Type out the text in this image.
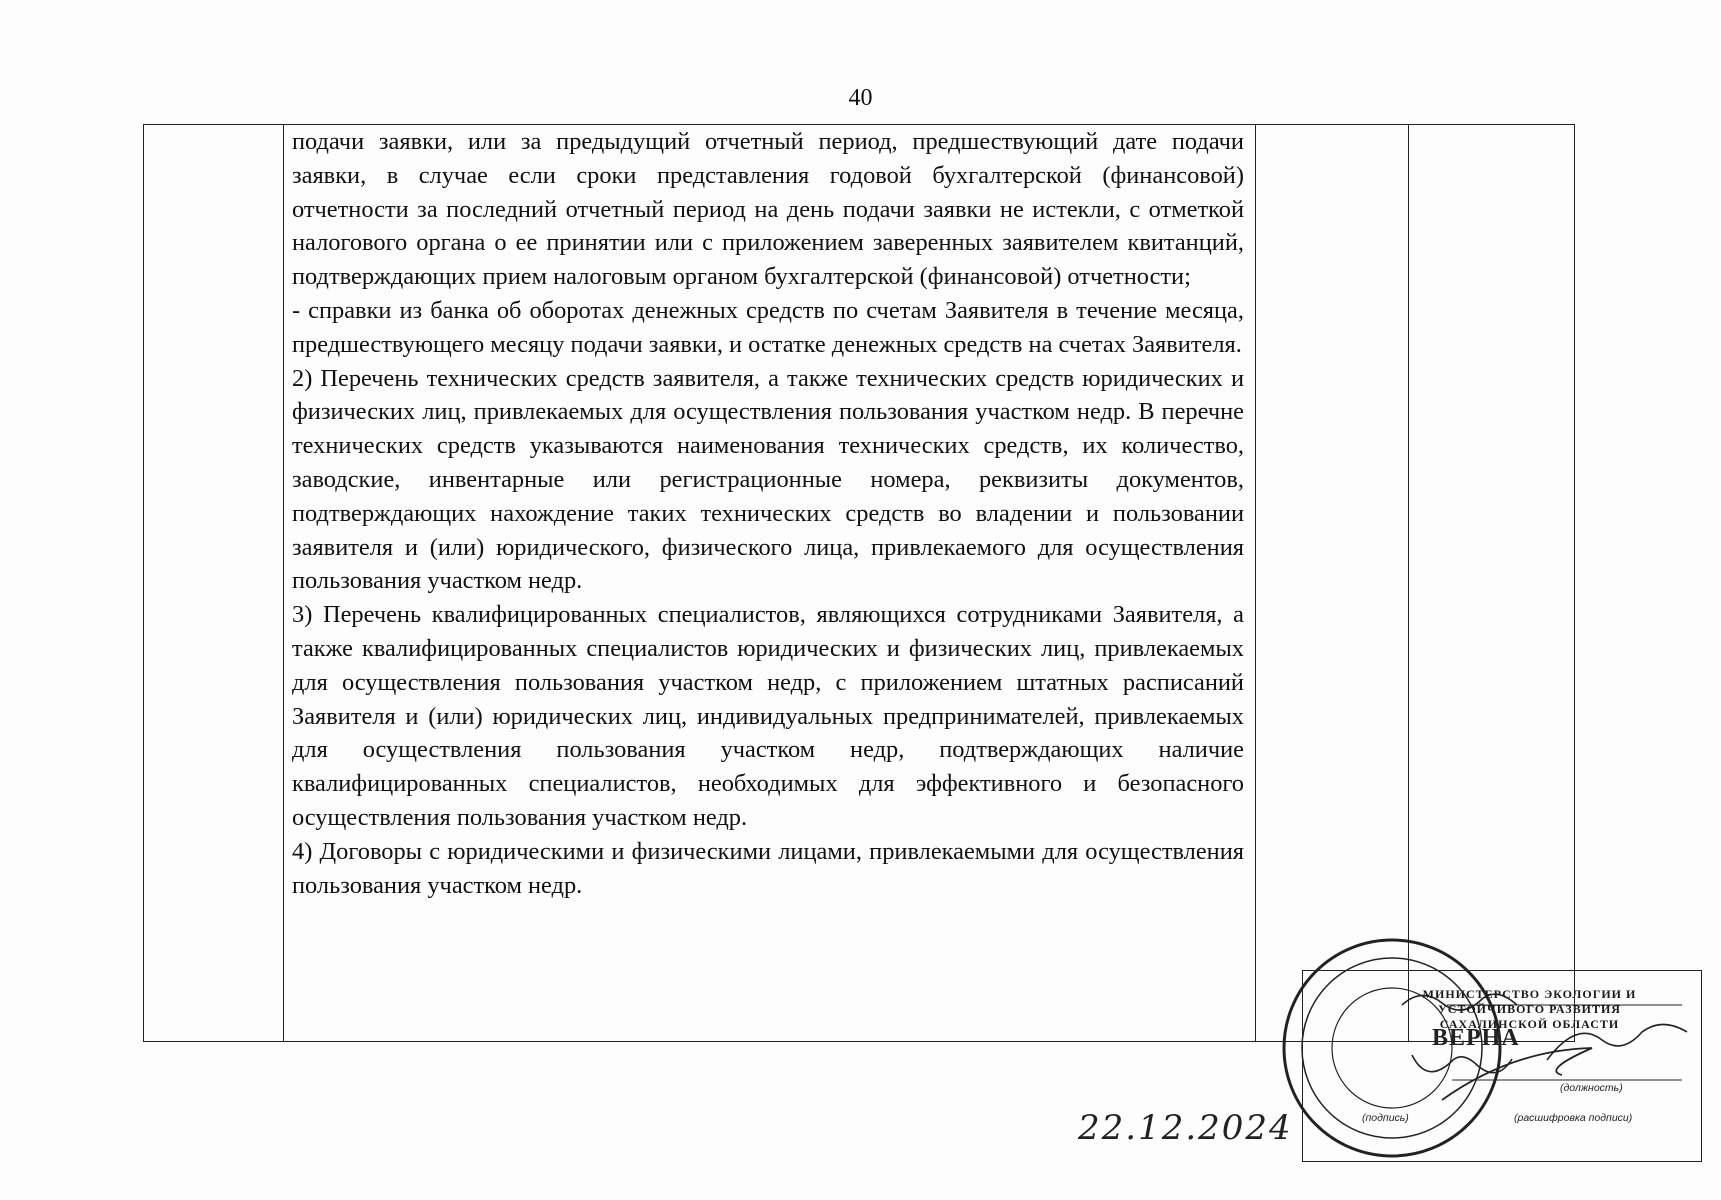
40

подачи заявки, или за предыдущий отчетный период, предшествующий дате подачи заявки, в случае если сроки представления годовой бухгалтерской (финансовой) отчетности за последний отчетный период на день подачи заявки не истекли, с отметкой налогового органа о ее принятии или с приложением заверенных заявителем квитанций, подтверждающих прием налоговым органом бухгалтерской (финансовой) отчетности;

- справки из банка об оборотах денежных средств по счетам Заявителя в течение месяца, предшествующего месяцу подачи заявки, и остатке денежных средств на счетах Заявителя.

2) Перечень технических средств заявителя, а также технических средств юридических и физических лиц, привлекаемых для осуществления пользования участком недр. В перечне технических средств указываются наименования технических средств, их количество, заводские, инвентарные или регистрационные номера, реквизиты документов, подтверждающих нахождение таких технических средств во владении и пользовании заявителя и (или) юридического, физического лица, привлекаемого для осуществления пользования участком недр.

3) Перечень квалифицированных специалистов, являющихся сотрудниками Заявителя, а также квалифицированных специалистов юридических и физических лиц, привлекаемых для осуществления пользования участком недр, с приложением штатных расписаний Заявителя и (или) юридических лиц, индивидуальных предпринимателей, привлекаемых для осуществления пользования участком недр, подтверждающих наличие квалифицированных специалистов, необходимых для эффективного и безопасного осуществления пользования участком недр.

4) Договоры с юридическими и физическими лицами, привлекаемыми для осуществления пользования участком недр.

МИНИСТЕРСТВО ЭКОЛОГИИ И
УСТОЙЧИВОГО РАЗВИТИЯ
САХАЛИНСКОЙ ОБЛАСТИ
ВЕРНА
(должность)
(подпись)	(расшифровка подписи)
22.12.2024
